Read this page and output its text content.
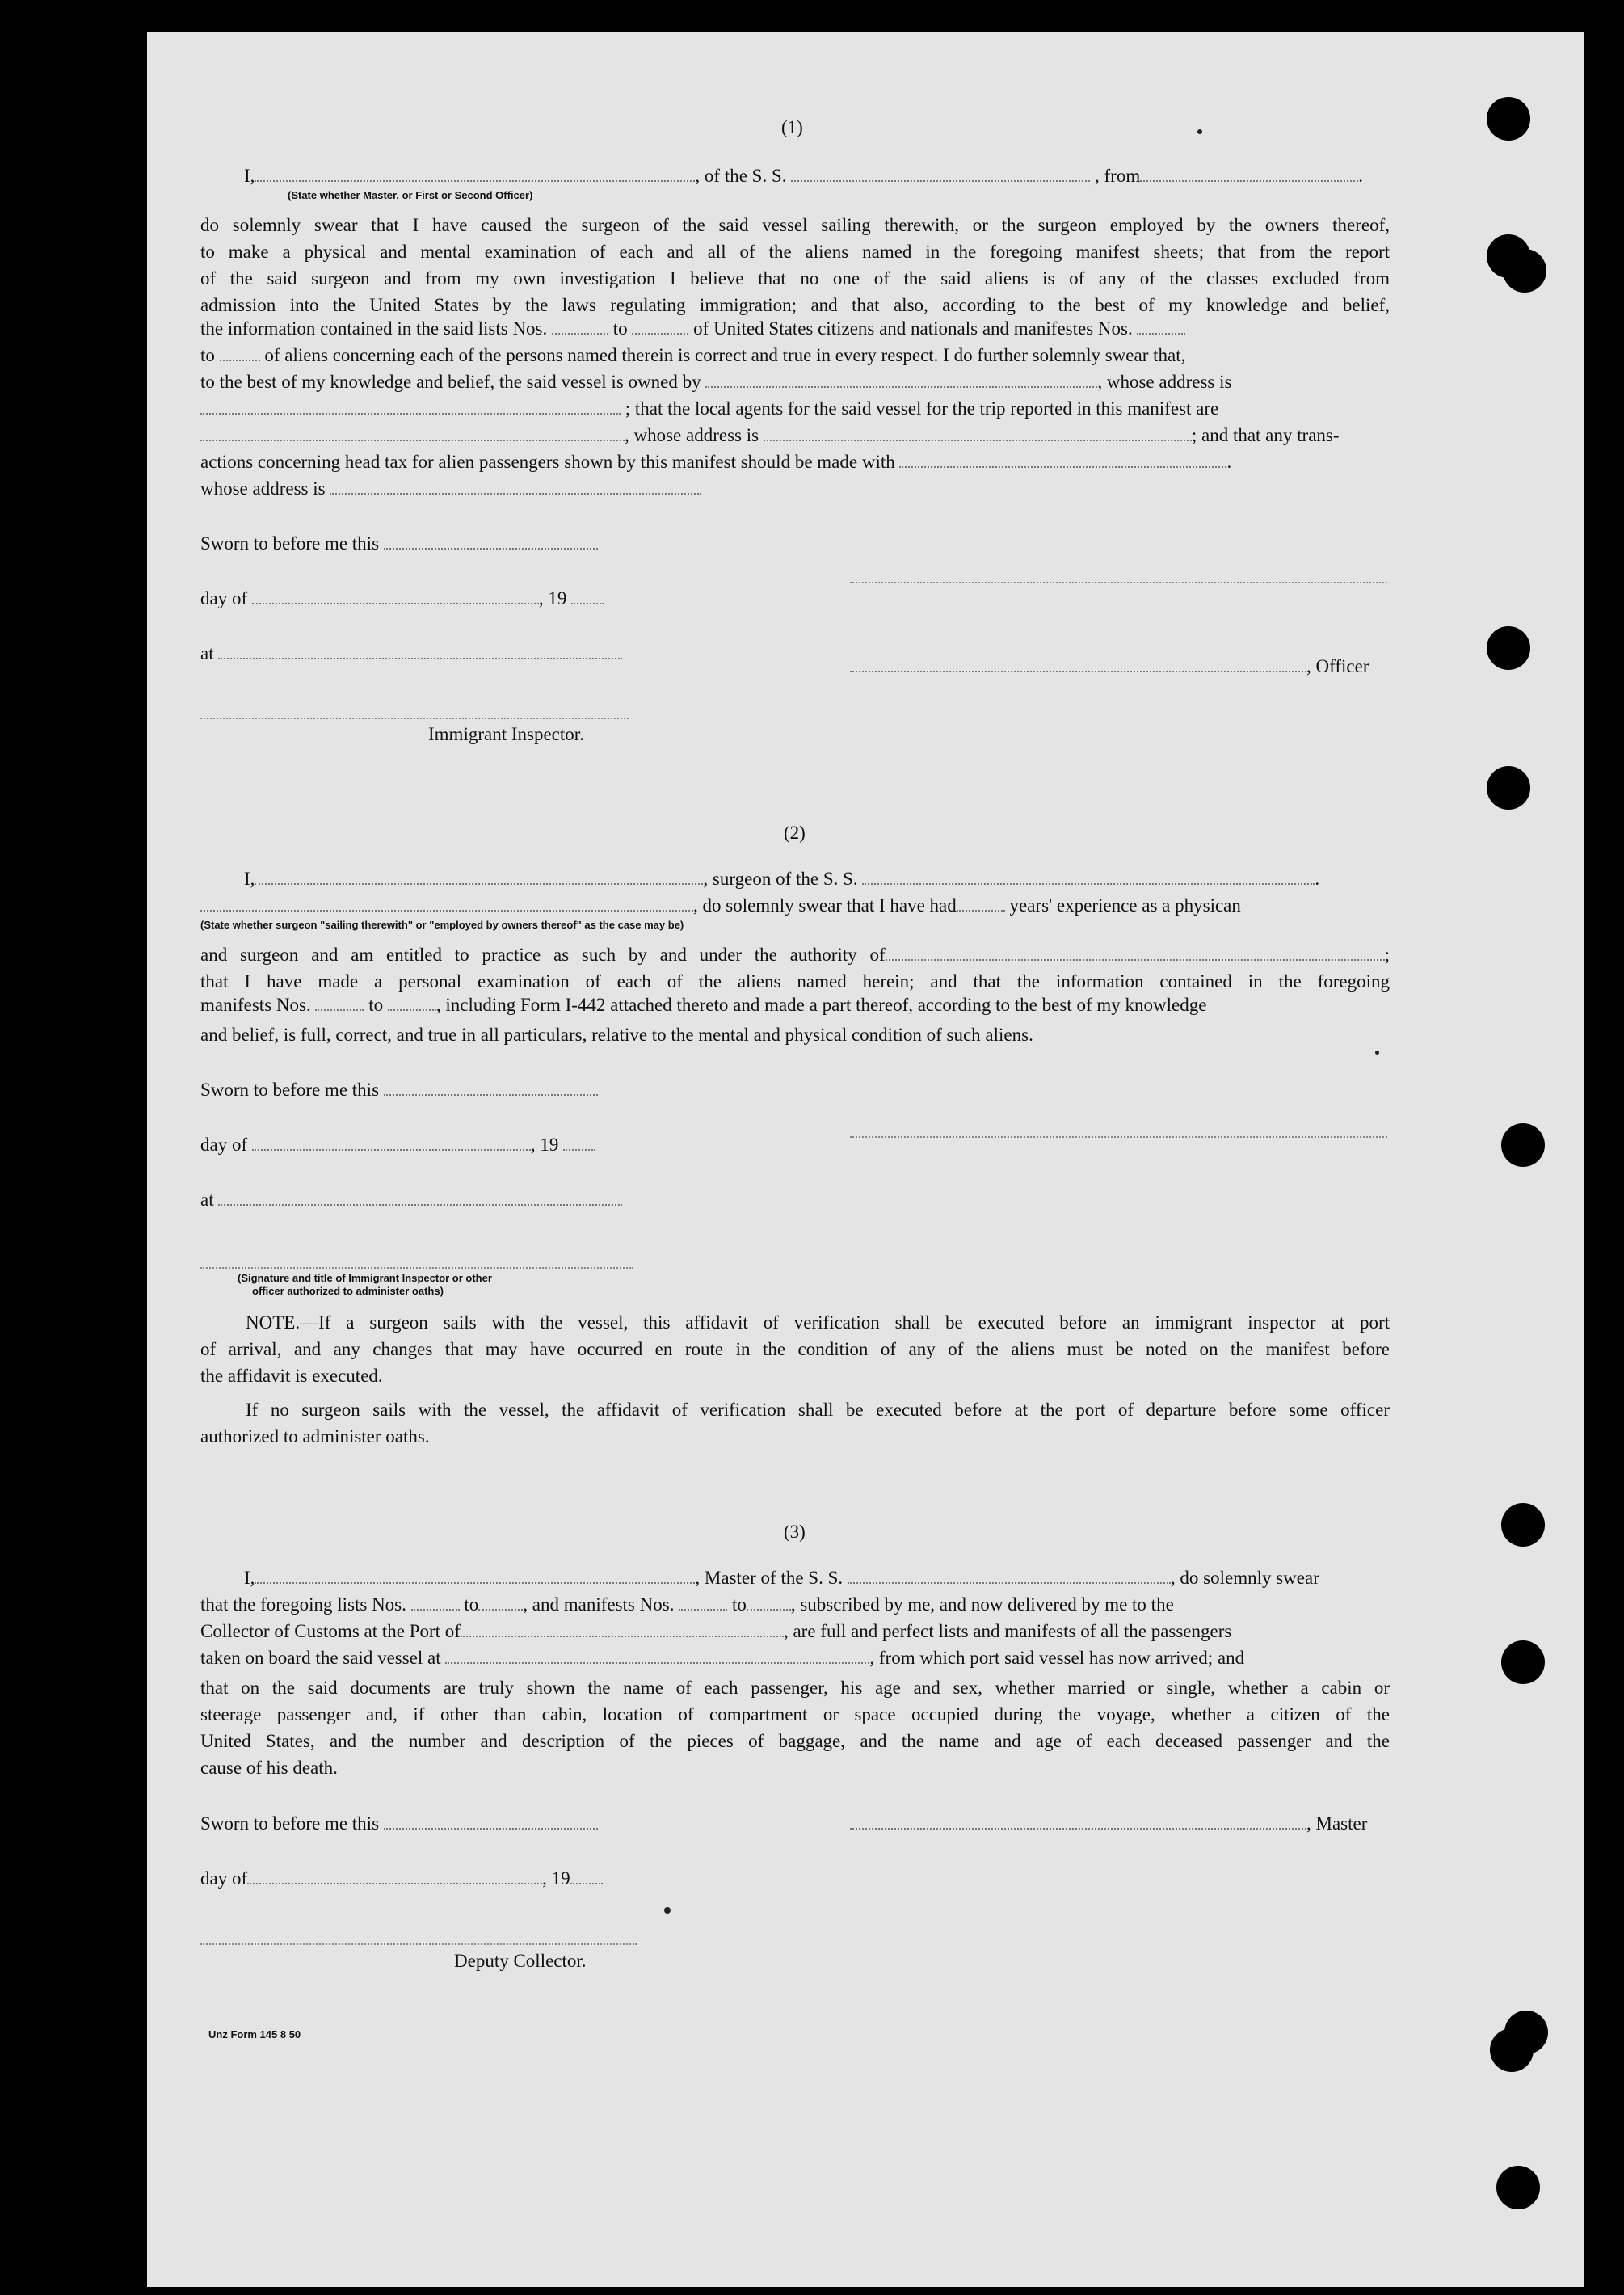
(1)
I,	, of the S. S.	, from	.
(State whether Master, or First or Second Officer)
do solemnly swear that I have caused the surgeon of the said vessel sailing therewith, or the surgeon employed by the owners thereof,
to make a physical and mental examination of each and all of the aliens named in the foregoing manifest sheets; that from the report
of the said surgeon and from my own investigation I believe that no one of the said aliens is of any of the classes excluded from
admission into the United States by the laws regulating immigration; and that also, according to the best of my knowledge and belief,
the information contained in the said lists Nos.	to	of United States citizens and nationals and manifestes Nos.
to	of aliens concerning each of the persons named therein is correct and true in every respect. I do further solemnly swear that,
to the best of my knowledge and belief, the said vessel is owned by	, whose address is
; that the local agents for the said vessel for the trip reported in this manifest are
, whose address is	; and that any trans-
actions concerning head tax for alien passengers shown by this manifest should be made with	.
whose address is
Sworn to before me this
day of	, 19
at
, Officer
Immigrant Inspector.
(2)
I,	, surgeon of the S. S.	.
, do solemnly swear that I have had	years' experience as a physican
(State whether surgeon "sailing therewith" or "employed by owners thereof" as the case may be)
and surgeon and am entitled to practice as such by and under the authority of	;
that I have made a personal examination of each of the aliens named herein; and that the information contained in the foregoing
manifests Nos.	to	, including Form I-442 attached thereto and made a part thereof, according to the best of my knowledge
and belief, is full, correct, and true in all particulars, relative to the mental and physical condition of such aliens.
Sworn to before me this
day of	, 19
at
(Signature and title of Immigrant Inspector or other
officer authorized to administer oaths)
NOTE.—If a surgeon sails with the vessel, this affidavit of verification shall be executed before an immigrant inspector at port
of arrival, and any changes that may have occurred en route in the condition of any of the aliens must be noted on the manifest before
the affidavit is executed.
If no surgeon sails with the vessel, the affidavit of verification shall be executed before at the port of departure before some officer
authorized to administer oaths.
(3)
I,	, Master of the S. S.	, do solemnly swear
that the foregoing lists Nos.	to , and manifests Nos.	to , subscribed by me, and now delivered by me to the
Collector of Customs at the Port of	, are full and perfect lists and manifests of all the passengers
taken on board the said vessel at	, from which port said vessel has now arrived; and
that on the said documents are truly shown the name of each passenger, his age and sex, whether married or single, whether a cabin or
steerage passenger and, if other than cabin, location of compartment or space occupied during the voyage, whether a citizen of the
United States, and the number and description of the pieces of baggage, and the name and age of each deceased passenger and the
cause of his death.
Sworn to before me this	, Master
day of	, 19
Deputy Collector.
Unz Form 145 8 50
